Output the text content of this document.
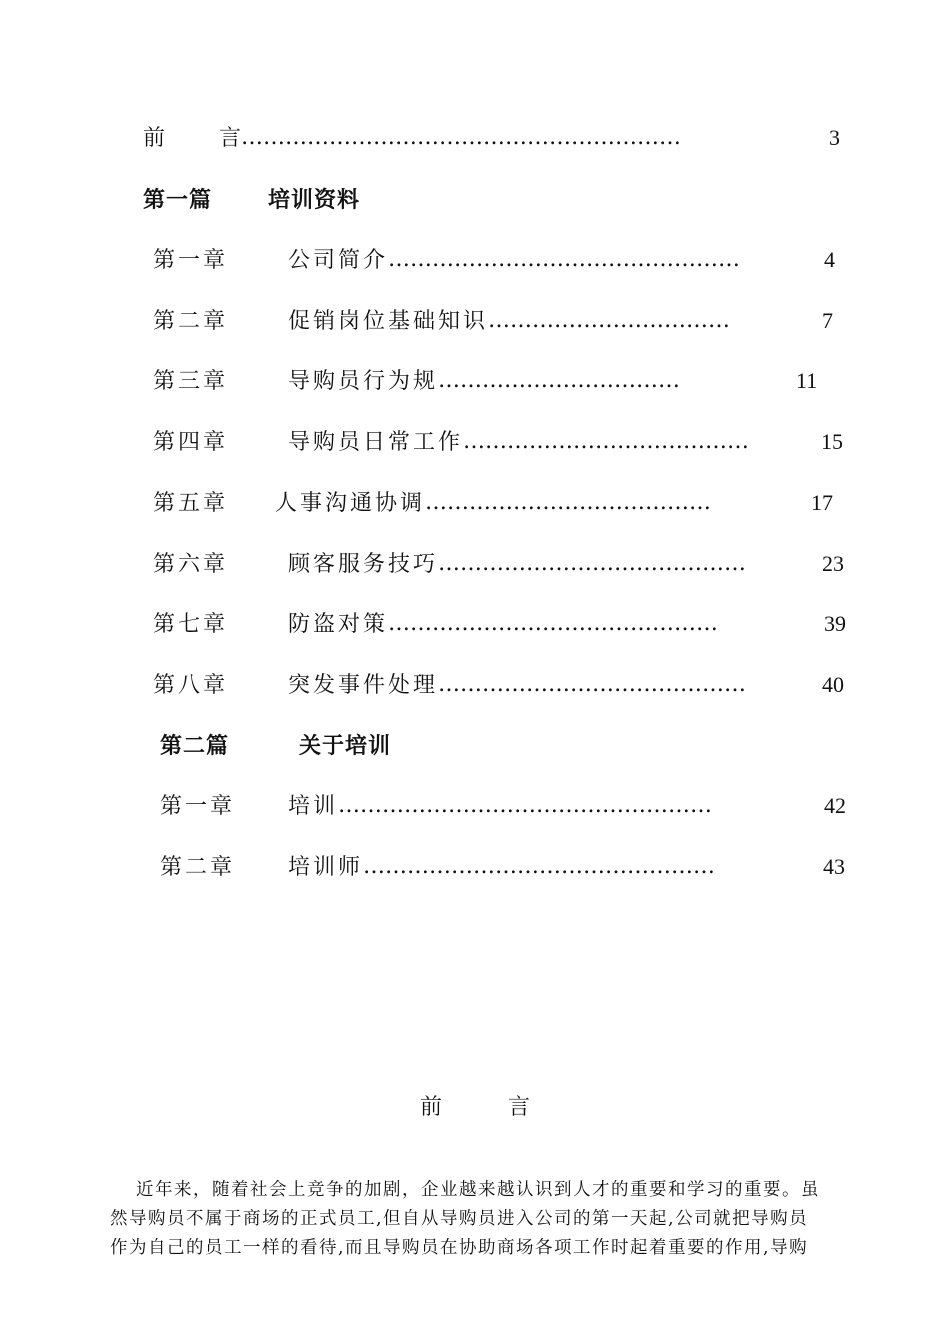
前 言……………………………………………………	3
第一篇	培训资料
第一章	公司简介…………………………………………	4
第二章	促销岗位基础知识……………………………	7
第三章	导购员行为规……………………………	11
第四章	导购员日常工作…………………………………	15
第五章 人事沟通协调…………………………………	17
第六章	顾客服务技巧……………………………………	23
第七章	防盗对策………………………………………	39
第八章	突发事件处理……………………………………	40
第二篇	关于培训
第一章 培训……………………………………………	42
第二章 培训师…………………………………………	43
前	言
近年来，随着社会上竞争的加剧，企业越来越认识到人才的重要和学习的重要。虽
然导购员不属于商场的正式员工,但自从导购员进入公司的第一天起,公司就把导购员
作为自己的员工一样的看待,而且导购员在协助商场各项工作时起着重要的作用,导购
